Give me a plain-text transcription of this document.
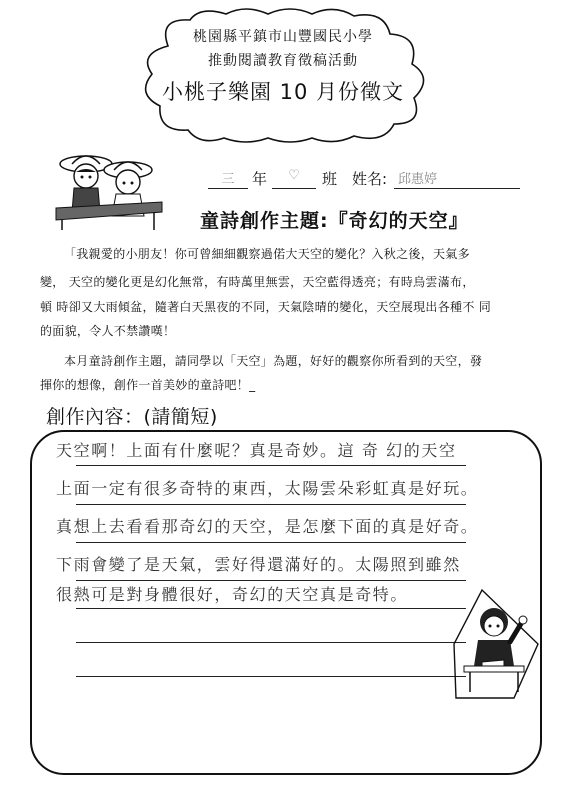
桃園縣平鎮市山豐國民小學
推動閱讀教育徵稿活動
小桃子樂園 10 月份徵文
三	年	♡	班 姓名: 邱惠婷
童詩創作主題:『奇幻的天空』
「我親愛的小朋友！你可曾細細觀察過偌大天空的變化？入秋之後，天氣多
變， 天空的變化更是幻化無常，有時萬里無雲，天空藍得透亮；有時烏雲滿布，
頓 時卻又大雨傾盆，隨著白天黑夜的不同，天氣陰晴的變化，天空展現出各種不 同
的面貌，令人不禁讚嘆！
本月童詩創作主題，請同學以「天空」為題，好好的觀察你所看到的天空，發
揮你的想像，創作一首美妙的童詩吧！_
創作內容：(請簡短)
天空啊！上面有什麼呢？真是奇妙。這 奇 幻的天空
上面一定有很多奇特的東西，太陽雲朵彩虹真是好玩。
真想上去看看那奇幻的天空，是怎麼下面的真是好奇。
下雨會變了是天氣，雲好得還滿好的。太陽照到雖然
很熱可是對身體很好，奇幻的天空真是奇特。
